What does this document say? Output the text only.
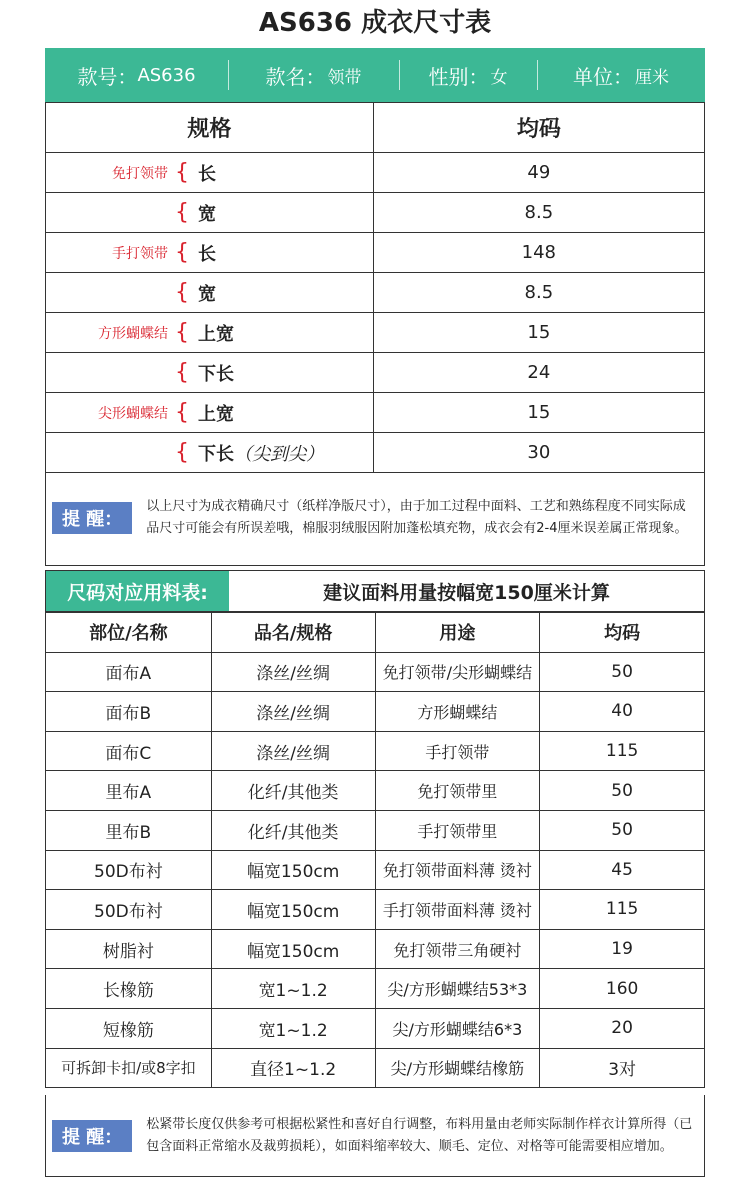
AS636 成衣尺寸表
款号： AS636	款名： 领带	性别： 女	单位： 厘米
规格	均码

免打领带 { 长	49

{ 宽	8.5

手打领带 { 长	148

{ 宽	8.5

方形蝴蝶结 { 上宽	15

{ 下长	24

尖形蝴蝶结 { 上宽	15

{ 下长（尖到尖）	30
提 醒：
以上尺寸为成衣精确尺寸（纸样净版尺寸），由于加工过程中面料、工艺和熟练程度不同实际成品尺寸可能会有所误差哦，棉服羽绒服因附加蓬松填充物，成衣会有2-4厘米误差属正常现象。
尺码对应用料表:	建议面料用量按幅宽150厘米计算
部位/名称	品名/规格	用途	均码
面布A	涤丝/丝绸	免打领带/尖形蝴蝶结	50
面布B	涤丝/丝绸	方形蝴蝶结	40
面布C	涤丝/丝绸	手打领带	115
里布A	化纤/其他类	免打领带里	50
里布B	化纤/其他类	手打领带里	50
50D布衬	幅宽150cm	免打领带面料薄 烫衬	45
50D布衬	幅宽150cm	手打领带面料薄 烫衬	115
树脂衬	幅宽150cm	免打领带三角硬衬	19
长橡筋	宽1~1.2	尖/方形蝴蝶结53*3	160
短橡筋	宽1~1.2	尖/方形蝴蝶结6*3	20
可拆卸卡扣/或8字扣	直径1~1.2	尖/方形蝴蝶结橡筋	3对
提 醒：
松紧带长度仅供参考可根据松紧性和喜好自行调整，布料用量由老师实际制作样衣计算所得（已包含面料正常缩水及裁剪损耗），如面料缩率较大、顺毛、定位、对格等可能需要相应增加。
